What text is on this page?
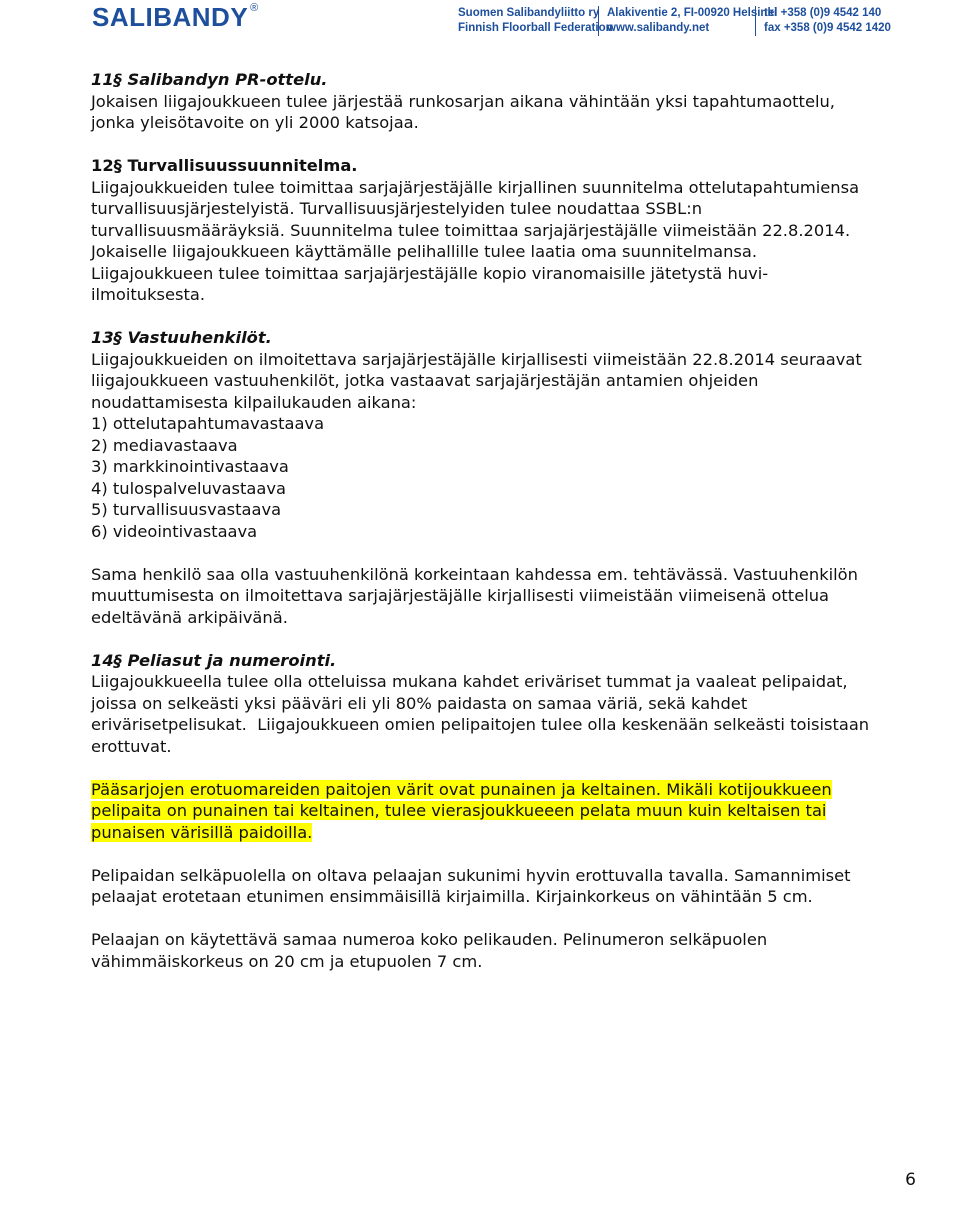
SALIBANDY ®	Suomen Salibandyliitto ry
Finnish Floorball Federation
Alakiventie 2, FI-00920 Helsinki
www.salibandy.net
tel +358 (0)9 4542 140
fax +358 (0)9 4542 1420

11§ Salibandyn PR-ottelu.

Jokaisen liigajoukkueen tulee järjestää runkosarjan aikana vähintään yksi tapahtumaottelu, jonka yleisötavoite on yli 2000 katsojaa.

12§ Turvallisuussuunnitelma.

Liigajoukkueiden tulee toimittaa sarjajärjestäjälle kirjallinen suunnitelma ottelutapahtumiensa turvallisuusjärjestelyistä. Turvallisuusjärjestelyiden tulee noudattaa SSBL:n turvallisuusmääräyksiä. Suunnitelma tulee toimittaa sarjajärjestäjälle viimeistään 22.8.2014. Jokaiselle liigajoukkueen käyttämälle pelihallille tulee laatia oma suunnitelmansa. Liigajoukkueen tulee toimittaa sarjajärjestäjälle kopio viranomaisille jätetystä huvi-ilmoituksesta.

13§ Vastuuhenkilöt.

Liigajoukkueiden on ilmoitettava sarjajärjestäjälle kirjallisesti viimeistään 22.8.2014 seuraavat liigajoukkueen vastuuhenkilöt, jotka vastaavat sarjajärjestäjän antamien ohjeiden noudattamisesta kilpailukauden aikana:

1) ottelutapahtumavastaava
2) mediavastaava
3) markkinointivastaava
4) tulospalveluvastaava
5) turvallisuusvastaava
6) videointivastaava

Sama henkilö saa olla vastuuhenkilönä korkeintaan kahdessa em. tehtävässä. Vastuuhenkilön muuttumisesta on ilmoitettava sarjajärjestäjälle kirjallisesti viimeistään viimeisenä ottelua edeltävänä arkipäivänä.

14§ Peliasut ja numerointi.

Liigajoukkueella tulee olla otteluissa mukana kahdet eriväriset tummat ja vaaleat pelipaidat, joissa on selkeästi yksi pääväri eli yli 80% paidasta on samaa väriä, sekä kahdet erivärisetpelisukat. Liigajoukkueen omien pelipaitojen tulee olla keskenään selkeästi toisistaan erottuvat.

Pääsarjojen erotuomareiden paitojen värit ovat punainen ja keltainen. Mikäli kotijoukkueen pelipaita on punainen tai keltainen, tulee vierasjoukkueeen pelata muun kuin keltaisen tai punaisen värisillä paidoilla.

Pelipaidan selkäpuolella on oltava pelaajan sukunimi hyvin erottuvalla tavalla. Samannimiset pelaajat erotetaan etunimen ensimmäisillä kirjaimilla. Kirjainkorkeus on vähintään 5 cm.

Pelaajan on käytettävä samaa numeroa koko pelikauden. Pelinumeron selkäpuolen vähimmäiskorkeus on 20 cm ja etupuolen 7 cm.

6
